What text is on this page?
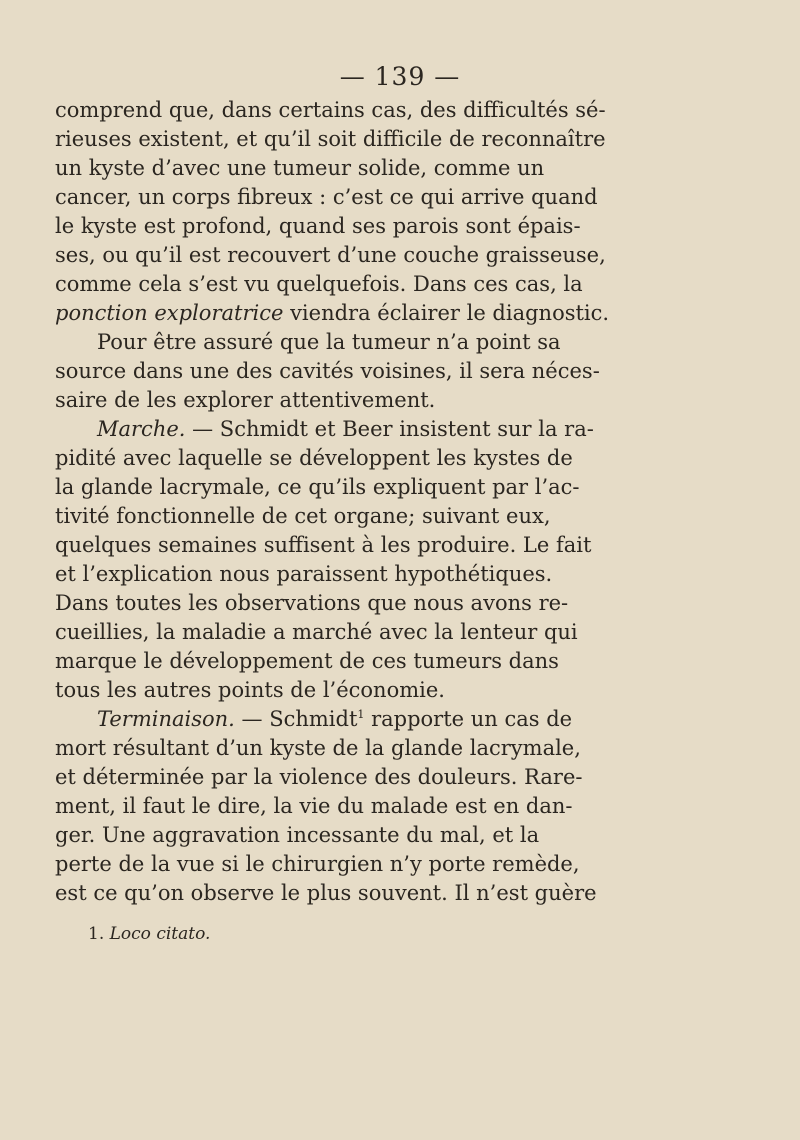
— 139 —
comprend que, dans certains cas, des difficultés sé-
rieuses existent, et qu’il soit difficile de reconnaître
un kyste d’avec une tumeur solide, comme un
cancer, un corps fibreux : c’est ce qui arrive quand
le kyste est profond, quand ses parois sont épais-
ses, ou qu’il est recouvert d’une couche graisseuse,
comme cela s’est vu quelquefois. Dans ces cas, la
ponction exploratrice viendra éclairer le diagnostic.
Pour être assuré que la tumeur n’a point sa
source dans une des cavités voisines, il sera néces-
saire de les explorer attentivement.
Marche. — Schmidt et Beer insistent sur la ra-
pidité avec laquelle se développent les kystes de
la glande lacrymale, ce qu’ils expliquent par l’ac-
tivité fonctionnelle de cet organe; suivant eux,
quelques semaines suffisent à les produire. Le fait
et l’explication nous paraissent hypothétiques.
Dans toutes les observations que nous avons re-
cueillies, la maladie a marché avec la lenteur qui
marque le développement de ces tumeurs dans
tous les autres points de l’économie.
Terminaison. — Schmidt$^1$ rapporte un cas de
mort résultant d’un kyste de la glande lacrymale,
et déterminée par la violence des douleurs. Rare-
ment, il faut le dire, la vie du malade est en dan-
ger. Une aggravation incessante du mal, et la
perte de la vue si le chirurgien n’y porte remède,
est ce qu’on observe le plus souvent. Il n’est guère
1. Loco citato.
